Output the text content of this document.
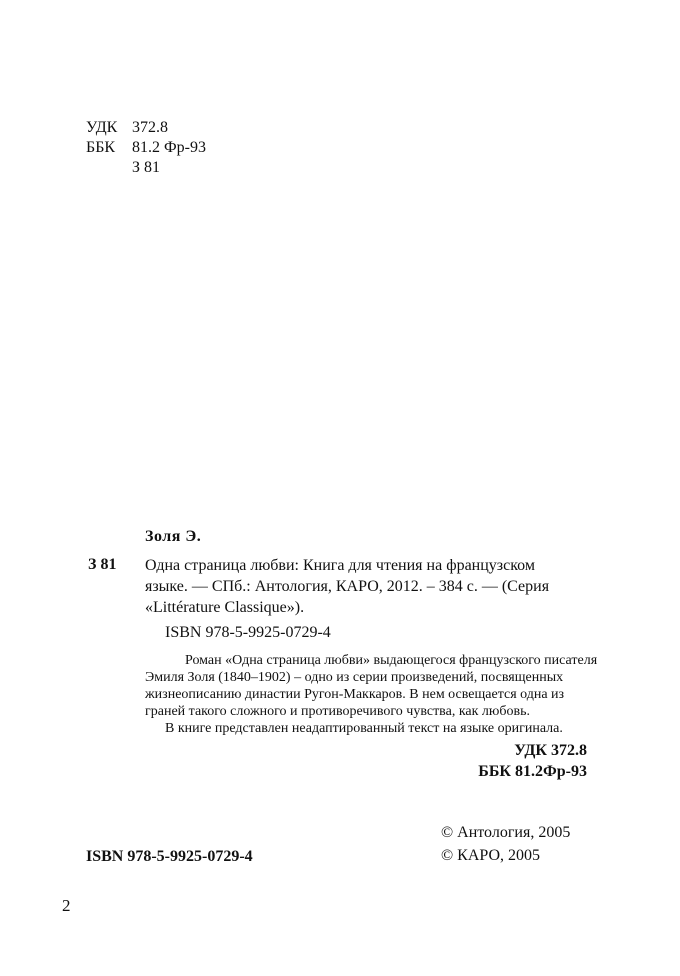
УДК 372.8
ББК 81.2 Фр-93
З 81
Золя Э.
З 81 Одна страница любви: Книга для чтения на французском
языке. — СПб.: Антология, КАРО, 2012. – 384 с. — (Серия
«Littérature Classique»).
ISBN 978-5-9925-0729-4
Роман «Одна страница любви» выдающегося французского писателя
Эмиля Золя (1840–1902) – одно из серии произведений, посвященных
жизнеописанию династии Ругон-Маккаров. В нем освещается одна из
граней такого сложного и противоречивого чувства, как любовь.
В книге представлен неадаптированный текст на языке оригинала.
УДК 372.8
ББК 81.2Фр-93
© Антология, 2005
© КАРО, 2005
ISBN 978-5-9925-0729-4
2
